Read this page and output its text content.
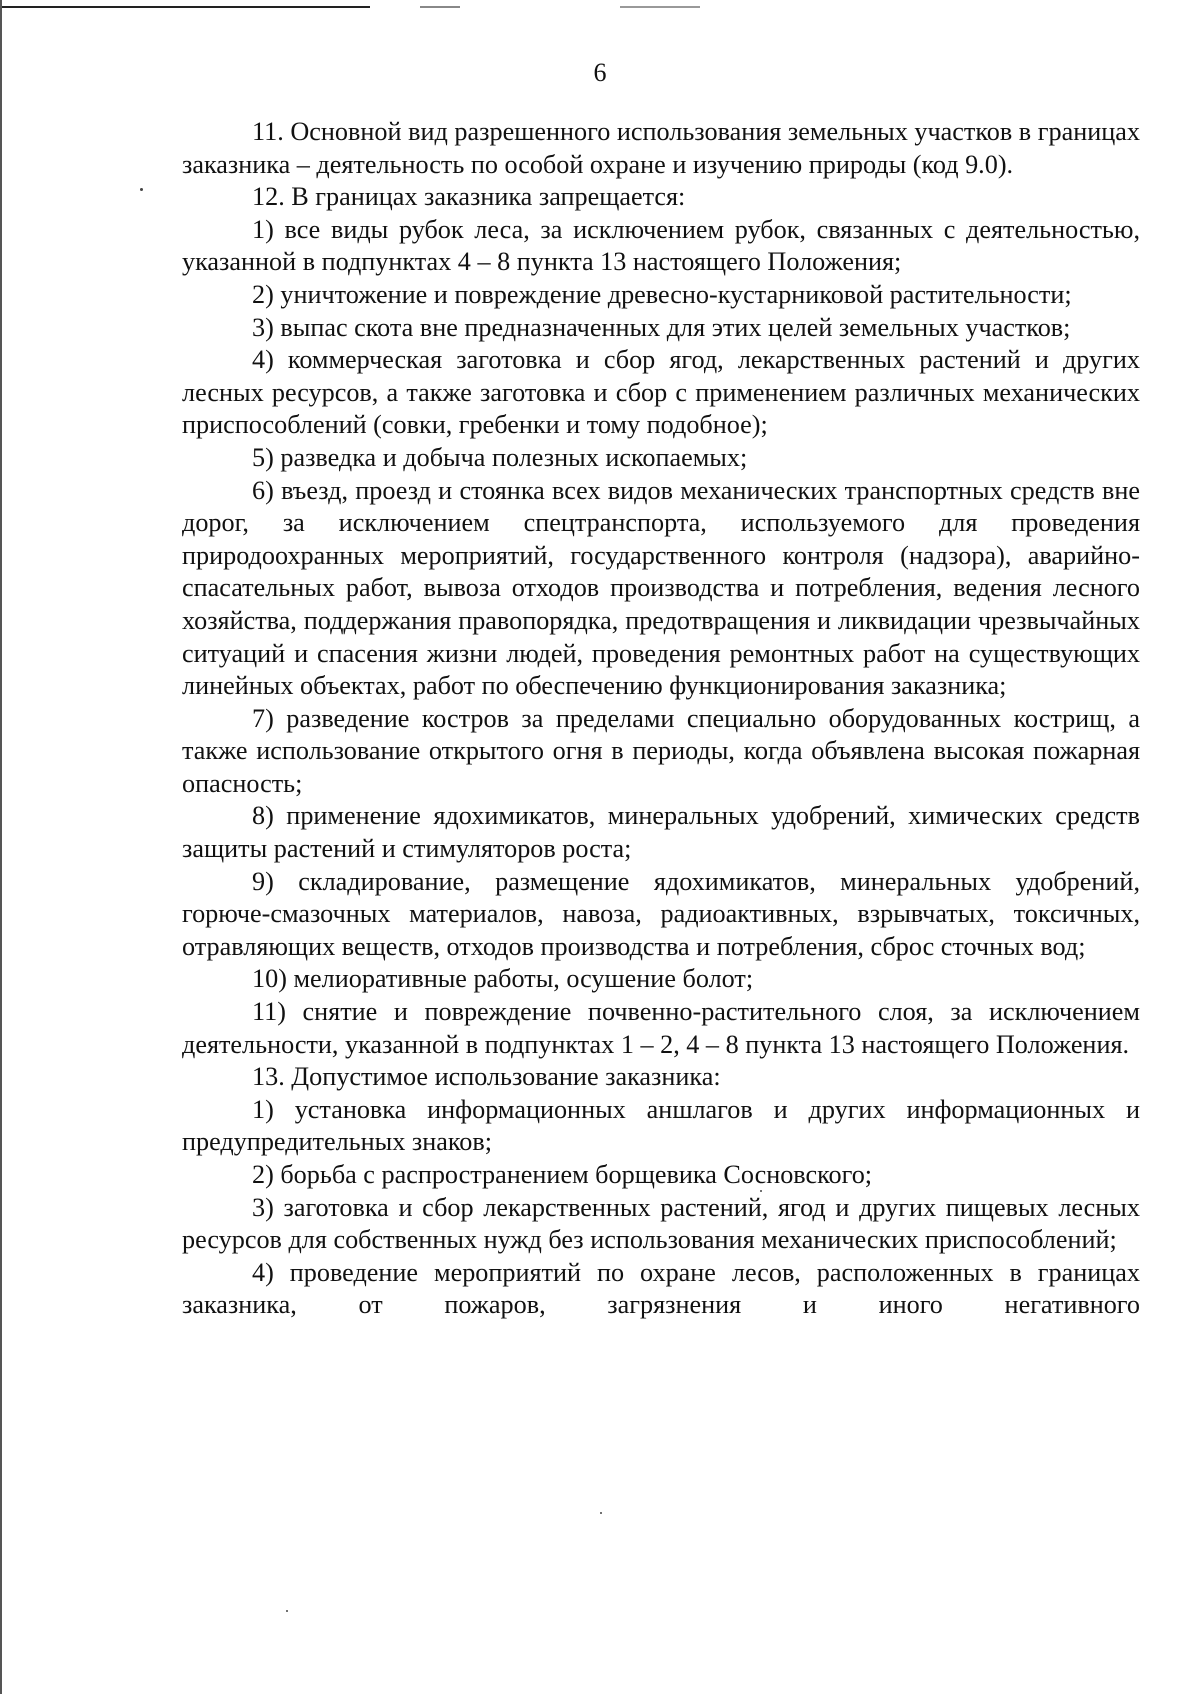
6

11. Основной вид разрешенного использования земельных участков в границах заказника – деятельность по особой охране и изучению природы (код 9.0).

12. В границах заказника запрещается:

1) все виды рубок леса, за исключением рубок, связанных с деятельностью, указанной в подпунктах 4 – 8 пункта 13 настоящего Положения;

2) уничтожение и повреждение древесно-кустарниковой растительности;

3) выпас скота вне предназначенных для этих целей земельных участков;

4) коммерческая заготовка и сбор ягод, лекарственных растений и других лесных ресурсов, а также заготовка и сбор с применением различных механических приспособлений (совки, гребенки и тому подобное);

5) разведка и добыча полезных ископаемых;

6) въезд, проезд и стоянка всех видов механических транспортных средств вне дорог, за исключением спецтранспорта, используемого для проведения природоохранных мероприятий, государственного контроля (надзора), аварийно-спасательных работ, вывоза отходов производства и потребления, ведения лесного хозяйства, поддержания правопорядка, предотвращения и ликвидации чрезвычайных ситуаций и спасения жизни людей, проведения ремонтных работ на существующих линейных объектах, работ по обеспечению функционирования заказника;

7) разведение костров за пределами специально оборудованных кострищ, а также использование открытого огня в периоды, когда объявлена высокая пожарная опасность;

8) применение ядохимикатов, минеральных удобрений, химических средств защиты растений и стимуляторов роста;

9) складирование, размещение ядохимикатов, минеральных удобрений, горюче-смазочных материалов, навоза, радиоактивных, взрывчатых, токсичных, отравляющих веществ, отходов производства и потребления, сброс сточных вод;

10) мелиоративные работы, осушение болот;

11) снятие и повреждение почвенно-растительного слоя, за исключением деятельности, указанной в подпунктах 1 – 2, 4 – 8 пункта 13 настоящего Положения.

13. Допустимое использование заказника:

1) установка информационных аншлагов и других информационных и предупредительных знаков;

2) борьба с распространением борщевика Сосновского;

3) заготовка и сбор лекарственных растений, ягод и других пищевых лесных ресурсов для собственных нужд без использования механических приспособлений;

4) проведение мероприятий по охране лесов, расположенных в границах заказника, от пожаров, загрязнения и иного негативного
